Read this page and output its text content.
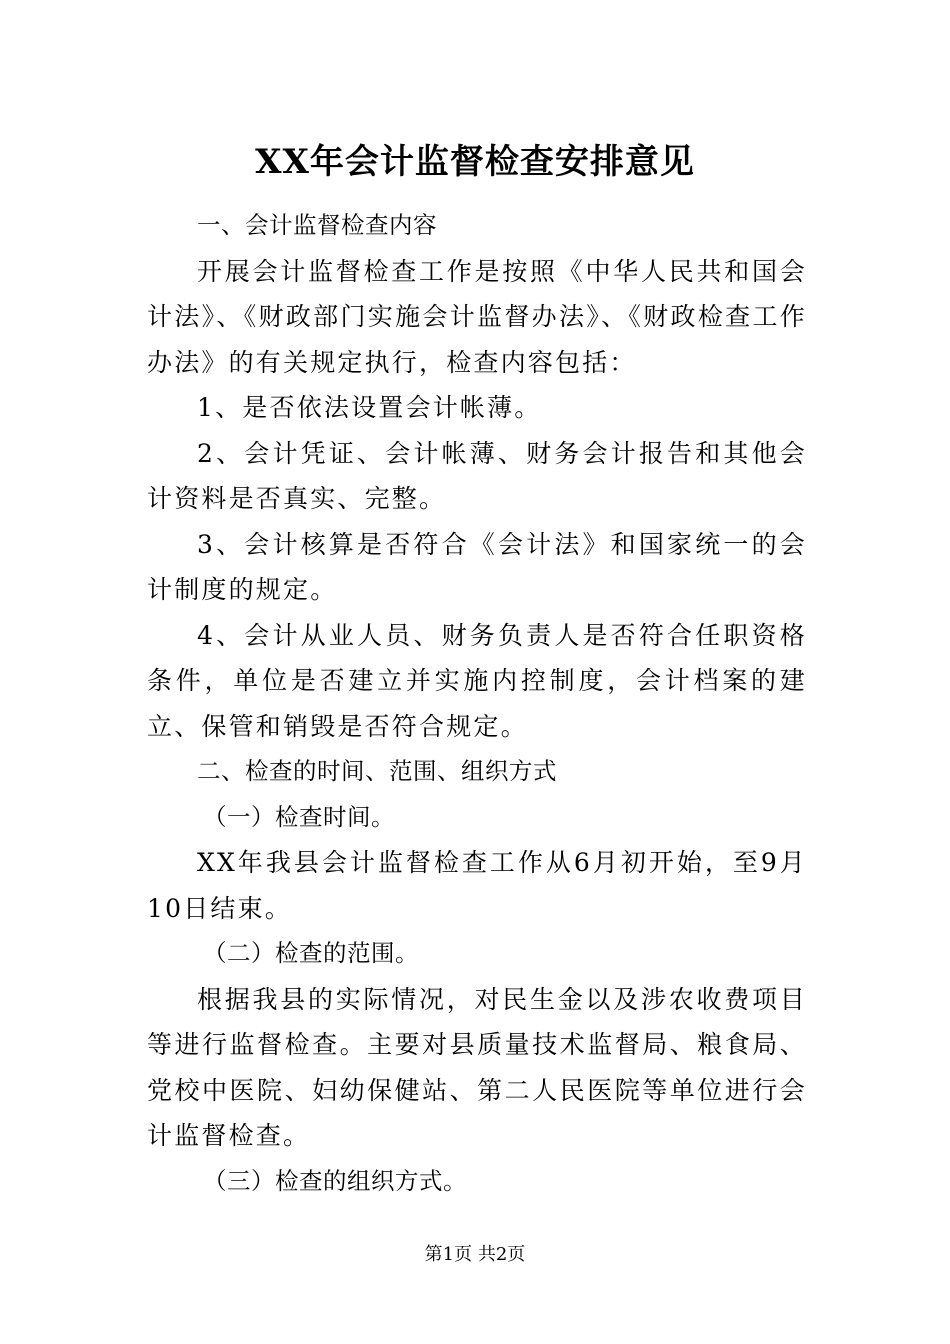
XX年会计监督检查安排意见

一、会计监督检查内容

开展会计监督检查工作是按照《中华人民共和国会计法》、《财政部门实施会计监督办法》、《财政检查工作办法》的有关规定执行，检查内容包括：

1、是否依法设置会计帐薄。

2、会计凭证、会计帐薄、财务会计报告和其他会计资料是否真实、完整。

3、会计核算是否符合《会计法》和国家统一的会计制度的规定。

4、会计从业人员、财务负责人是否符合任职资格条件，单位是否建立并实施内控制度，会计档案的建立、保管和销毁是否符合规定。

二、检查的时间、范围、组织方式

（一）检查时间。

XX年我县会计监督检查工作从6月初开始，至9月10日结束。

（二）检查的范围。

根据我县的实际情况，对民生金以及涉农收费项目等进行监督检查。主要对县质量技术监督局、粮食局、党校中医院、妇幼保健站、第二人民医院等单位进行会计监督检查。

（三）检查的组织方式。

第1页 共2页
